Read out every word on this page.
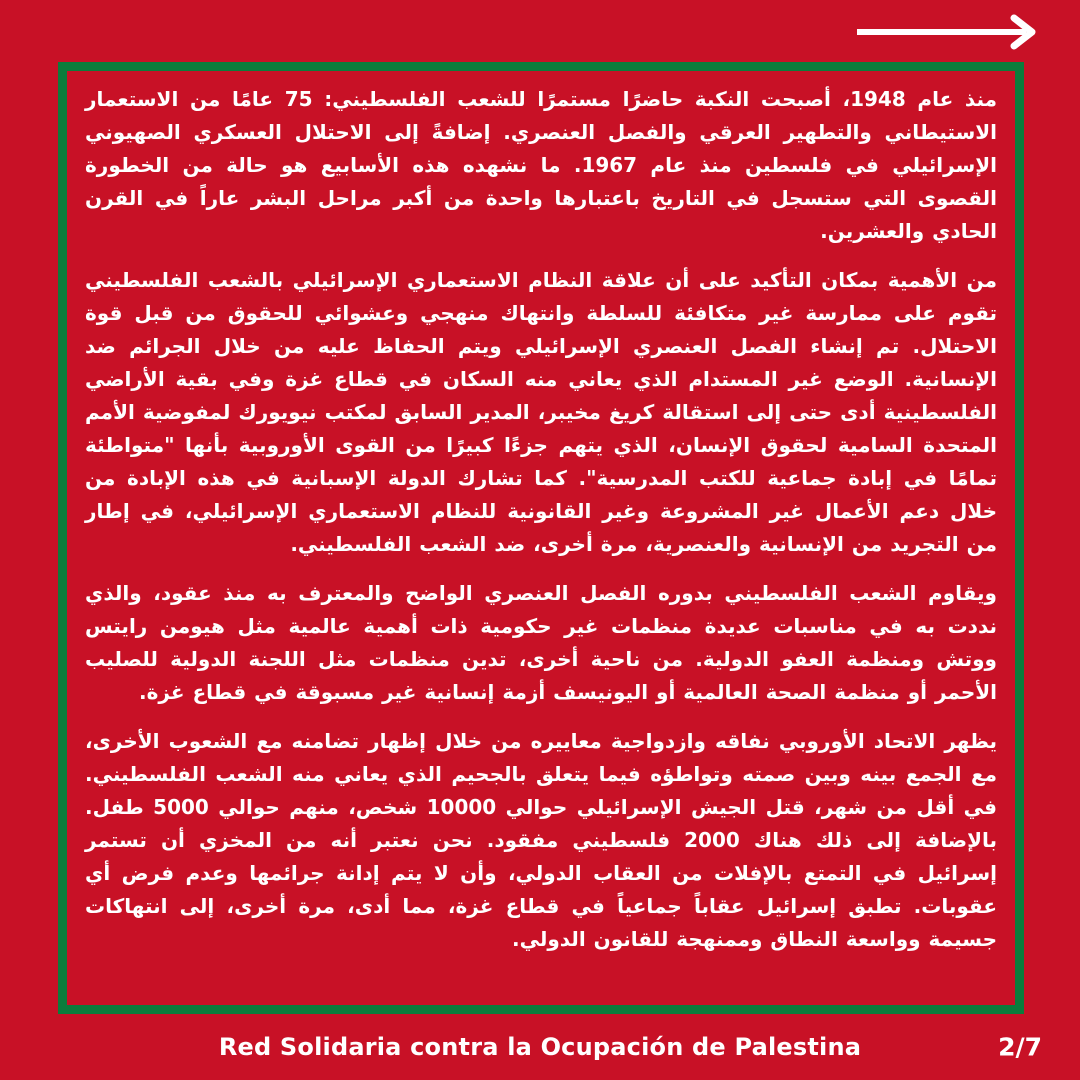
منذ عام 1948، أصبحت النكبة حاضرًا مستمرًا للشعب الفلسطيني: 75 عامًا من الاستعمار الاستيطاني والتطهير العرقي والفصل العنصري. إضافةً إلى الاحتلال العسكري الصهيوني الإسرائيلي في فلسطين منذ عام 1967. ما نشهده هذه الأسابيع هو حالة من الخطورة القصوى التي ستسجل في التاريخ باعتبارها واحدة من أكبر مراحل البشر عاراً في القرن الحادي والعشرين.

من الأهمية بمكان التأكيد على أن علاقة النظام الاستعماري الإسرائيلي بالشعب الفلسطيني تقوم على ممارسة غير متكافئة للسلطة وانتهاك منهجي وعشوائي للحقوق من قبل قوة الاحتلال. تم إنشاء الفصل العنصري الإسرائيلي ويتم الحفاظ عليه من خلال الجرائم ضد الإنسانية. الوضع غير المستدام الذي يعاني منه السكان في قطاع غزة وفي بقية الأراضي الفلسطينية أدى حتى إلى استقالة كريغ مخيبر، المدير السابق لمكتب نيويورك لمفوضية الأمم المتحدة السامية لحقوق الإنسان، الذي يتهم جزءًا كبيرًا من القوى الأوروبية بأنها "متواطئة تمامًا في إبادة جماعية للكتب المدرسية". كما تشارك الدولة الإسبانية في هذه الإبادة من خلال دعم الأعمال غير المشروعة وغير القانونية للنظام الاستعماري الإسرائيلي، في إطار من التجريد من الإنسانية والعنصرية، مرة أخرى، ضد الشعب الفلسطيني.

ويقاوم الشعب الفلسطيني بدوره الفصل العنصري الواضح والمعترف به منذ عقود، والذي نددت به في مناسبات عديدة منظمات غير حكومية ذات أهمية عالمية مثل هيومن رايتس ووتش ومنظمة العفو الدولية. من ناحية أخرى، تدين منظمات مثل اللجنة الدولية للصليب الأحمر أو منظمة الصحة العالمية أو اليونيسف أزمة إنسانية غير مسبوقة في قطاع غزة.

يظهر الاتحاد الأوروبي نفاقه وازدواجية معاييره من خلال إظهار تضامنه مع الشعوب الأخرى، مع الجمع بينه وبين صمته وتواطؤه فيما يتعلق بالجحيم الذي يعاني منه الشعب الفلسطيني. في أقل من شهر، قتل الجيش الإسرائيلي حوالي 10000 شخص، منهم حوالي 5000 طفل. بالإضافة إلى ذلك هناك 2000 فلسطيني مفقود. نحن نعتبر أنه من المخزي أن تستمر إسرائيل في التمتع بالإفلات من العقاب الدولي، وأن لا يتم إدانة جرائمها وعدم فرض أي عقوبات. تطبق إسرائيل عقاباً جماعياً في قطاع غزة، مما أدى، مرة أخرى، إلى انتهاكات جسيمة وواسعة النطاق وممنهجة للقانون الدولي.

Red Solidaria contra la Ocupación de Palestina	2/7
